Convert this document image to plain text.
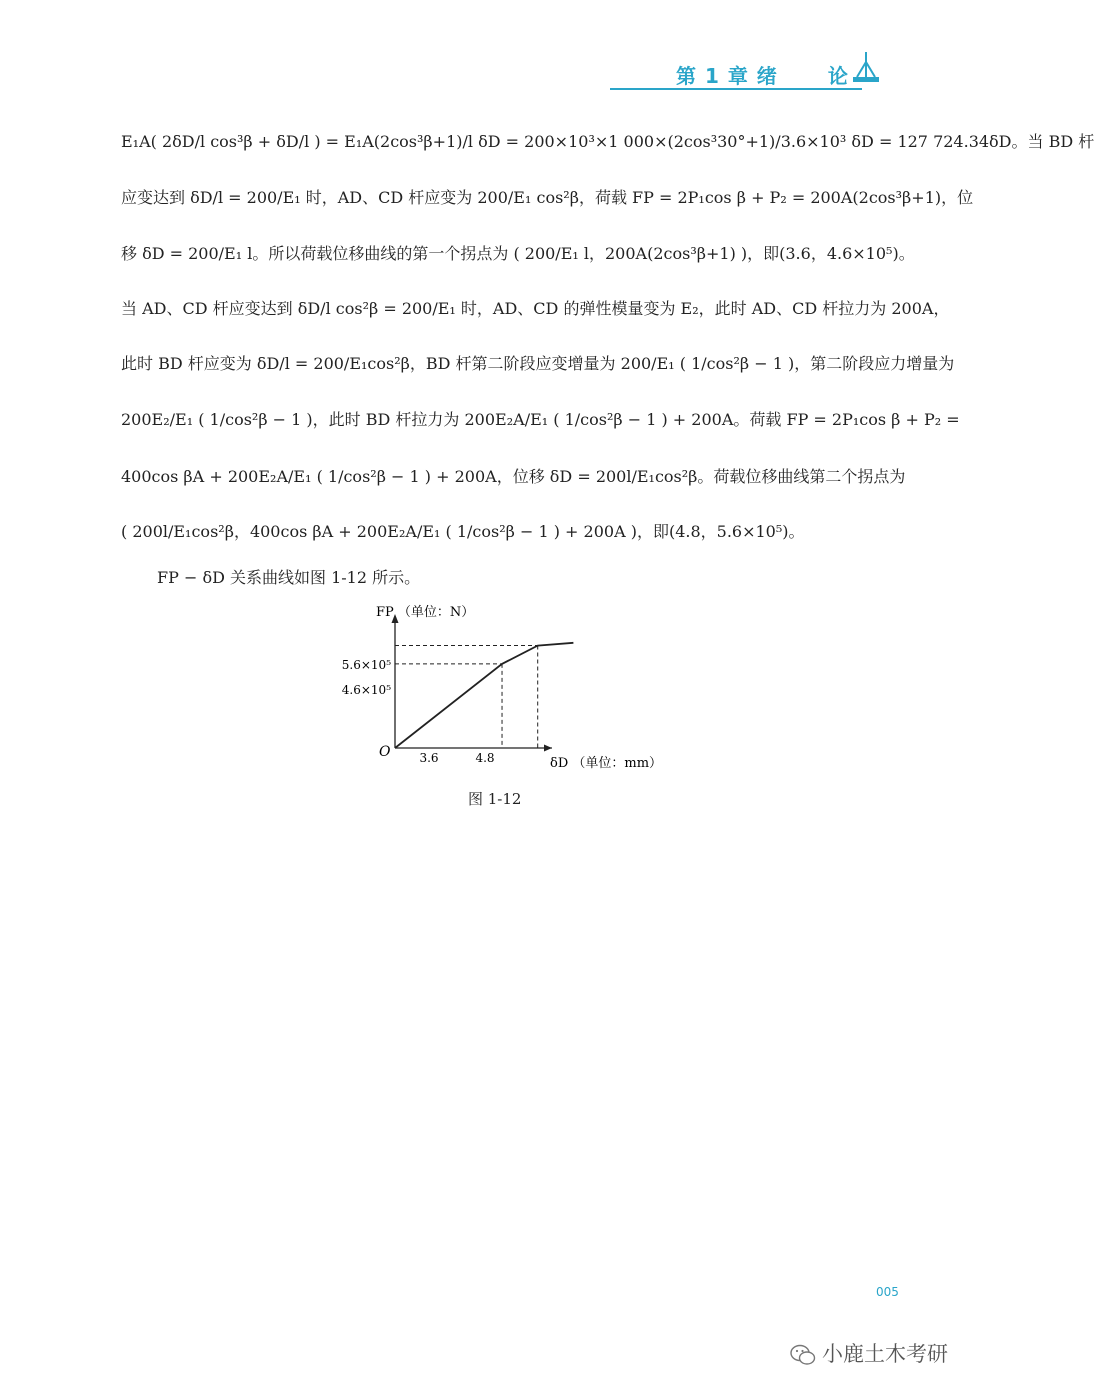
第 1 章 绪	论
E₁A( 2δD/l cos³β + δD/l ) = E₁A(2cos³β+1)/l δD = 200×10³×1 000×(2cos³30°+1)/3.6×10³ δD = 127 724.34δD。当 BD 杆
应变达到 δD/l = 200/E₁ 时，AD、CD 杆应变为 200/E₁ cos²β，荷载 FP = 2P₁cos β + P₂ = 200A(2cos³β+1)，位
移 δD = 200/E₁ l。所以荷载位移曲线的第一个拐点为 ( 200/E₁ l，200A(2cos³β+1) )，即(3.6，4.6×10⁵)。
当 AD、CD 杆应变达到 δD/l cos²β = 200/E₁ 时，AD、CD 的弹性模量变为 E₂，此时 AD、CD 杆拉力为 200A，
此时 BD 杆应变为 δD/l = 200/E₁cos²β，BD 杆第二阶段应变增量为 200/E₁ ( 1/cos²β − 1 )，第二阶段应力增量为
200E₂/E₁ ( 1/cos²β − 1 )，此时 BD 杆拉力为 200E₂A/E₁ ( 1/cos²β − 1 ) + 200A。荷载 FP = 2P₁cos β + P₂ =
400cos βA + 200E₂A/E₁ ( 1/cos²β − 1 ) + 200A，位移 δD = 200l/E₁cos²β。荷载位移曲线第二个拐点为
( 200l/E₁cos²β，400cos βA + 200E₂A/E₁ ( 1/cos²β − 1 ) + 200A )，即(4.8，5.6×10⁵)。
FP − δD 关系曲线如图 1-12 所示。
FP （单位：N）
δD （单位：mm）
O
5.6×10⁵
4.6×10⁵
3.6	4.8
图 1-12
005
小鹿土木考研
